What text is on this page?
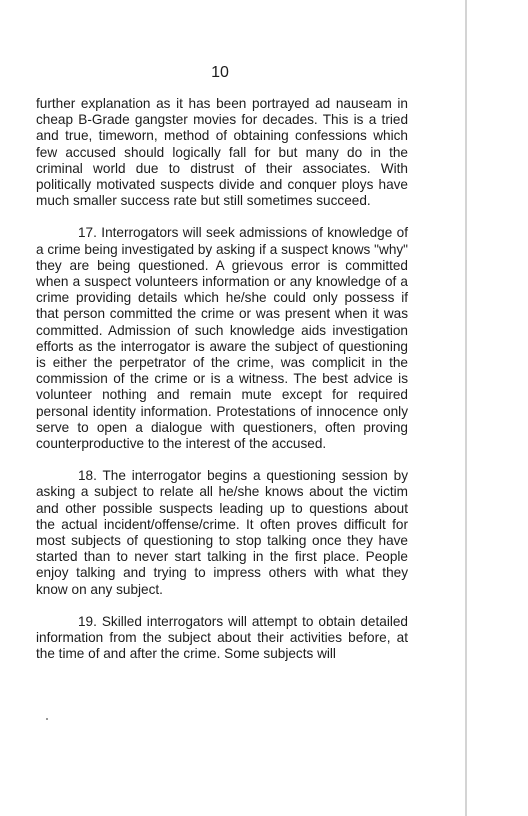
10

further explanation as it has been portrayed ad nauseam in cheap B-Grade gangster movies for decades. This is a tried and true, timeworn, method of obtaining confessions which few accused should logically fall for but many do in the criminal world due to distrust of their associates. With politically motivated suspects divide and conquer ploys have much smaller success rate but still sometimes succeed.

17. Interrogators will seek admissions of knowledge of a crime being investigated by asking if a suspect knows "why" they are being questioned. A grievous error is committed when a suspect volunteers information or any knowledge of a crime providing details which he/she could only possess if that person committed the crime or was present when it was committed. Admission of such knowledge aids investigation efforts as the interrogator is aware the subject of questioning is either the perpetrator of the crime, was complicit in the commission of the crime or is a witness. The best advice is volunteer nothing and remain mute except for required personal identity information. Protestations of innocence only serve to open a dialogue with questioners, often proving counterproductive to the interest of the accused.

18. The interrogator begins a questioning session by asking a subject to relate all he/she knows about the victim and other possible suspects leading up to questions about the actual incident/offense/crime. It often proves difficult for most subjects of questioning to stop talking once they have started than to never start talking in the first place. People enjoy talking and trying to impress others with what they know on any subject.

19. Skilled interrogators will attempt to obtain detailed information from the subject about their activities before, at the time of and after the crime. Some subjects will
